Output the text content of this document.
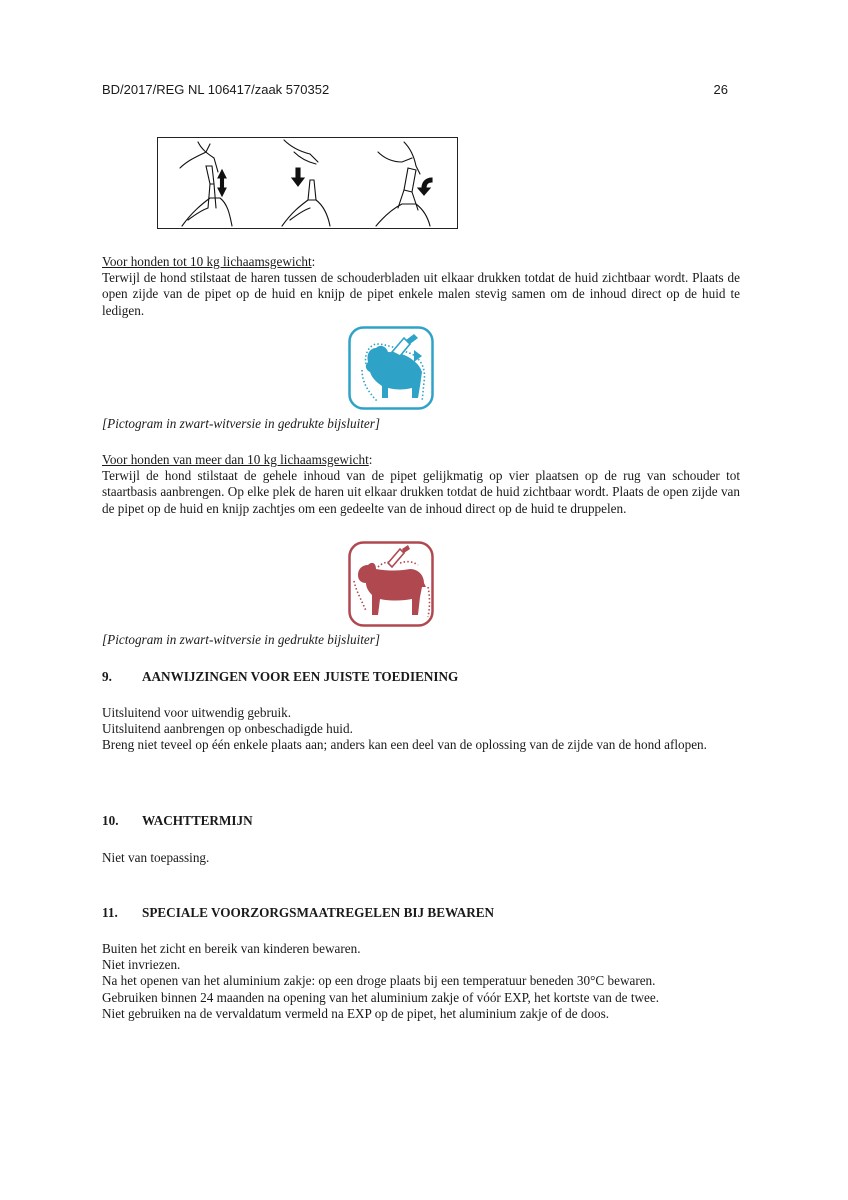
BD/2017/REG NL 106417/zaak 570352	26
Voor honden tot 10 kg lichaamsgewicht:
Terwijl de hond stilstaat de haren tussen de schouderbladen uit elkaar drukken totdat de huid zichtbaar wordt. Plaats de open zijde van de pipet op de huid en knijp de pipet enkele malen stevig samen om de inhoud direct op de huid te ledigen.
[Pictogram in zwart-witversie in gedrukte bijsluiter]
Voor honden van meer dan 10 kg lichaamsgewicht:
Terwijl de hond stilstaat de gehele inhoud van de pipet gelijkmatig op vier plaatsen op de rug van schouder tot staartbasis aanbrengen. Op elke plek de haren uit elkaar drukken totdat de huid zichtbaar wordt. Plaats de open zijde van de pipet op de huid en knijp zachtjes om een gedeelte van de inhoud direct op de huid te druppelen.
[Pictogram in zwart-witversie in gedrukte bijsluiter]
9. AANWIJZINGEN VOOR EEN JUISTE TOEDIENING
Uitsluitend voor uitwendig gebruik.
Uitsluitend aanbrengen op onbeschadigde huid.
Breng niet teveel op één enkele plaats aan; anders kan een deel van de oplossing van de zijde van de hond aflopen.
10. WACHTTERMIJN
Niet van toepassing.
11. SPECIALE VOORZORGSMAATREGELEN BIJ BEWAREN
Buiten het zicht en bereik van kinderen bewaren.
Niet invriezen.
Na het openen van het aluminium zakje: op een droge plaats bij een temperatuur beneden 30°C bewaren.
Gebruiken binnen 24 maanden na opening van het aluminium zakje of vóór EXP, het kortste van de twee.
Niet gebruiken na de vervaldatum vermeld na EXP op de pipet, het aluminium zakje of de doos.
